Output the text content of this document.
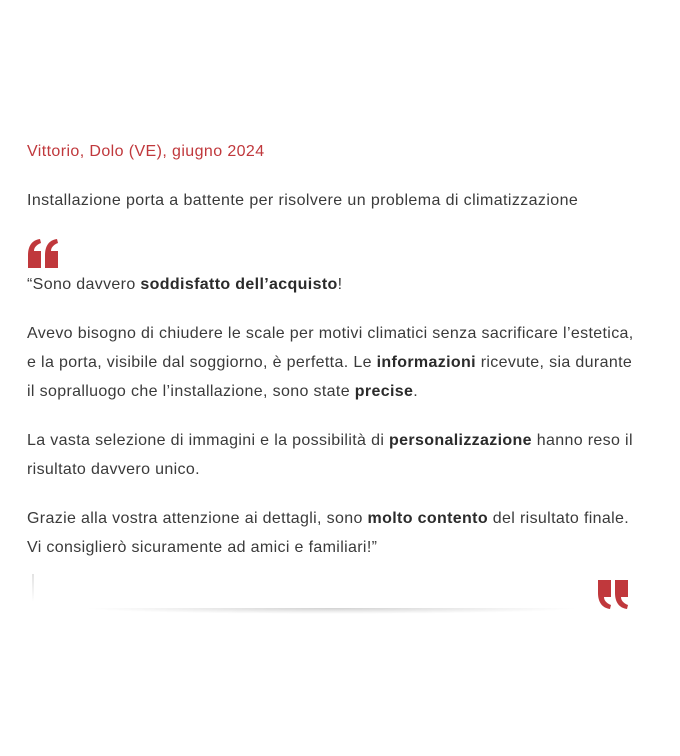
Vittorio, Dolo (VE), giugno 2024

Installazione porta a battente per risolvere un problema di climatizzazione

“Sono davvero soddisfatto dell’acquisto!

Avevo bisogno di chiudere le scale per motivi climatici senza sacrificare l’estetica, e la porta, visibile dal soggiorno, è perfetta. Le informazioni ricevute, sia durante il sopralluogo che l’installazione, sono state precise.

La vasta selezione di immagini e la possibilità di personalizzazione hanno reso il risultato davvero unico.

Grazie alla vostra attenzione ai dettagli, sono molto contento del risultato finale. Vi consiglierò sicuramente ad amici e familiari!”
